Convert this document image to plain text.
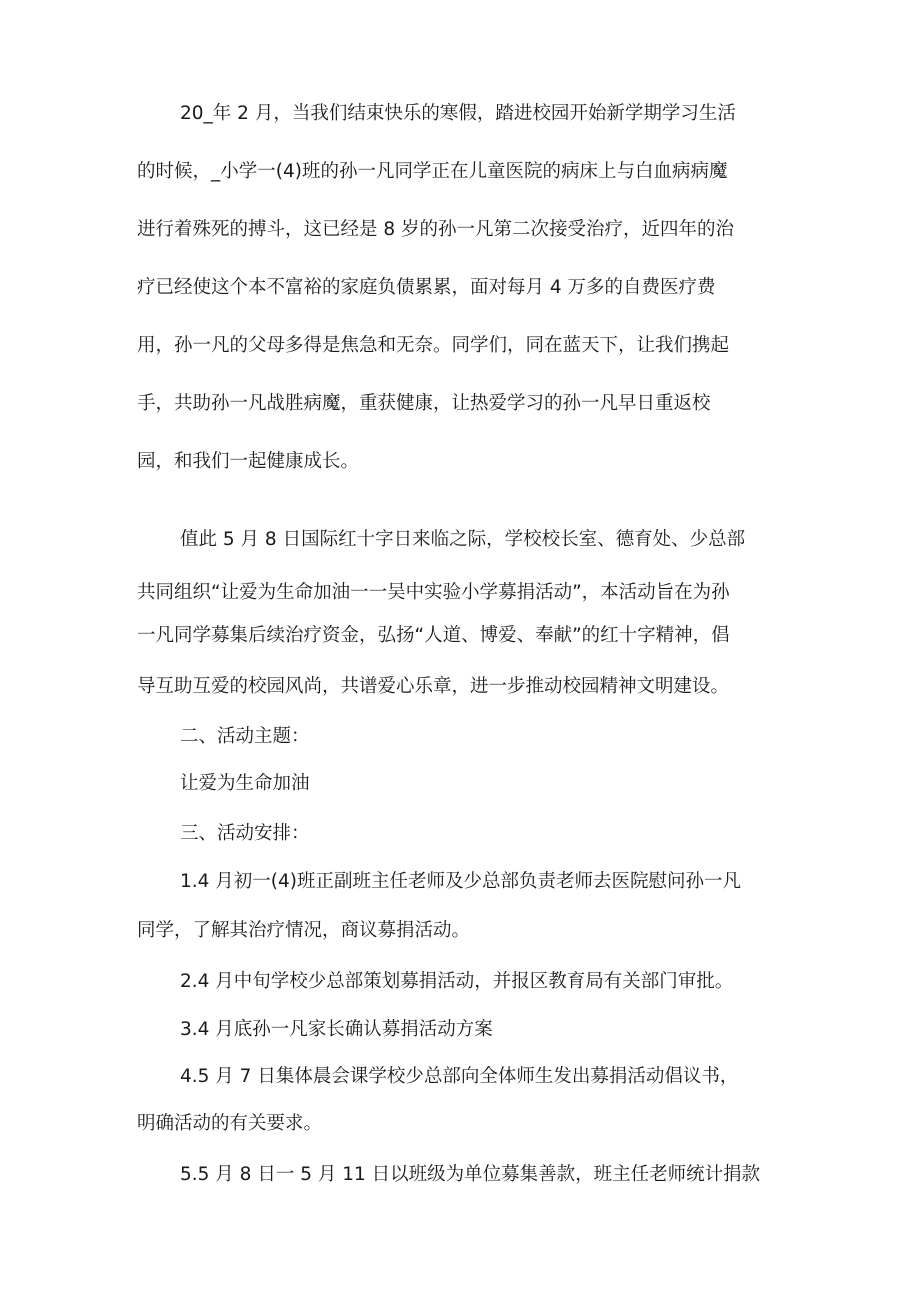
20_年 2 月，当我们结束快乐的寒假，踏进校园开始新学期学习生活
的时候，_小学一(4)班的孙一凡同学正在儿童医院的病床上与白血病病魔
进行着殊死的搏斗，这已经是 8 岁的孙一凡第二次接受治疗，近四年的治
疗已经使这个本不富裕的家庭负债累累，面对每月 4 万多的自费医疗费
用，孙一凡的父母多得是焦急和无奈。同学们，同在蓝天下，让我们携起
手，共助孙一凡战胜病魔，重获健康，让热爱学习的孙一凡早日重返校
园，和我们一起健康成长。
值此 5 月 8 日国际红十字日来临之际，学校校长室、德育处、少总部
共同组织“让爱为生命加油一一吴中实验小学募捐活动”，本活动旨在为孙
一凡同学募集后续治疗资金，弘扬“人道、博爱、奉献”的红十字精神，倡
导互助互爱的校园风尚，共谱爱心乐章，进一步推动校园精神文明建设。
二、活动主题：
让爱为生命加油
三、活动安排：
1.4 月初一(4)班正副班主任老师及少总部负责老师去医院慰问孙一凡
同学，了解其治疗情况，商议募捐活动。
2.4 月中旬学校少总部策划募捐活动，并报区教育局有关部门审批。
3.4 月底孙一凡家长确认募捐活动方案
4.5 月 7 日集体晨会课学校少总部向全体师生发出募捐活动倡议书，
明确活动的有关要求。
5.5 月 8 日一 5 月 11 日以班级为单位募集善款，班主任老师统计捐款
